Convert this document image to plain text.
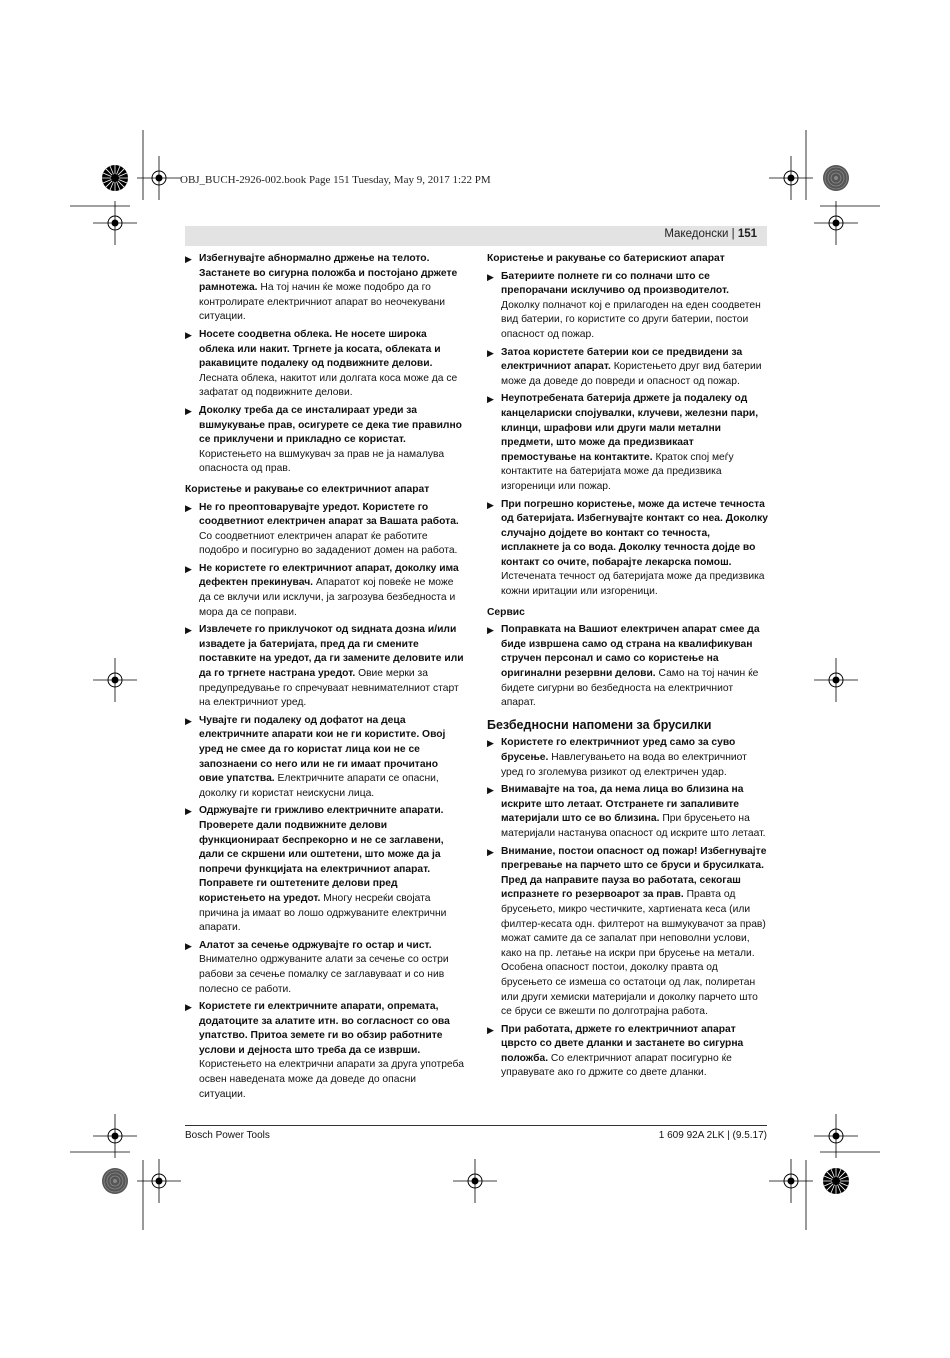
OBJ_BUCH-2926-002.book Page 151 Tuesday, May 9, 2017 1:22 PM
Македонски | 151
▶ Избегнувајте абнормално држење на телото. Застанете во сигурна положба и постојано држете рамнотежа. На тој начин ќе може подобро да го контролирате електричниот апарат во неочекувани ситуации.
▶ Носете соодветна облека. Не носете широка облека или накит. Тргнете ја косата, облеката и ракавиците подалеку од подвижните делови. Лесната облека, накитот или долгата коса може да се зафатат од подвижните делови.
▶ Доколку треба да се инсталираат уреди за вшмукување прав, осигурете се дека тие правилно се приклучени и прикладно се користат. Користењето на вшмукувач за прав не ја намалува опасноста од прав.
Користење и ракување со електричниот апарат
▶ Не го преоптоварувајте уредот. Користете го соодветниот електричен апарат за Вашата работа. Со соодветниот електричен апарат ќе работите подобро и посигурно во зададениот домен на работа.
▶ Не користете го електричниот апарат, доколку има дефектен прекинувач. Апаратот кој повеќе не може да се вклучи или исклучи, ја загрозува безбедноста и мора да се поправи.
▶ Извлечете го приклучокот од ѕидната дозна и/или извадете ја батеријата, пред да ги смените поставките на уредот, да ги замените деловите или да го тргнете настрана уредот. Овие мерки за предупредување го спречуваат невнимателниот старт на електричниот уред.
▶ Чувајте ги подалеку од дофатот на деца електричните апарати кои не ги користите. Овој уред не смее да го користат лица кои не се запознаени со него или не ги имаат прочитано овие упатства. Електричните апарати се опасни, доколку ги користат неискусни лица.
▶ Одржувајте ги грижливо електричните апарати. Проверете дали подвижните делови функционираат беспрекорно и не се заглавени, дали се скршени или оштетени, што може да ја попречи функцијата на електричниот апарат. Поправете ги оштетените делови пред користењето на уредот. Многу несреќи својата причина ја имаат во лошо одржуваните електрични апарати.
▶ Алатот за сечење одржувајте го остар и чист. Внимателно одржуваните алати за сечење со остри рабови за сечење помалку се заглавуваат и со нив полесно се работи.
▶ Користете ги електричните апарати, опремата, додатоците за алатите итн. во согласност со ова упатство. Притоа земете ги во обзир работните услови и дејноста што треба да се изврши. Користењето на електрични апарати за друга употреба освен наведената може да доведе до опасни ситуации.
Користење и ракување со батерискиот апарат
▶ Батериите полнете ги со полначи што се препорачани исклучиво од производителот. Доколку полначот кој е прилагоден на еден соодветен вид батерии, го користите со други батерии, постои опасност од пожар.
▶ Затоа користете батерии кои се предвидени за електричниот апарат. Користењето друг вид батерии може да доведе до повреди и опасност од пожар.
▶ Неупотребената батерија држете ја подалеку од канцелариски спојувалки, клучеви, железни пари, клинци, шрафови или други мали метални предмети, што може да предизвикаат премостување на контактите. Краток спој меѓу контактите на батеријата може да предизвика изгореници или пожар.
▶ При погрешно користење, може да истече течноста од батеријата. Избегнувајте контакт со неа. Доколку случајно дојдете во контакт со течноста, исплакнете ја со вода. Доколку течноста дојде во контакт со очите, побарајте лекарска помош. Истечената течност од батеријата може да предизвика кожни иритации или изгореници.
Сервис
▶ Поправката на Вашиот електричен апарат смее да биде извршена само од страна на квалификуван стручен персонал и само со користење на оригинални резервни делови. Само на тој начин ќе бидете сигурни во безбедноста на електричниот апарат.
Безбедносни напомени за брусилки
▶ Користете го електричниот уред само за суво брусење. Навлегувањето на вода во електричниот уред го зголемува ризикот од електричен удар.
▶ Внимавајте на тоа, да нема лица во близина на искрите што летаат. Отстранете ги запаливите материјали што се во близина. При брусењето на материјали настанува опасност од искрите што летаат.
▶ Внимание, постои опасност од пожар! Избегнувајте прегревање на парчето што се бруси и брусилката. Пред да направите пауза во работата, секогаш испразнете го резервоарот за прав. Правта од брусењето, микро честичките, хартиената кеса (или филтер-кесата одн. филтерот на вшмукувачот за прав) можат самите да се запалат при неповолни услови, како на пр. летање на искри при брусење на метали. Особена опасност постои, доколку правта од брусењето се измеша со остатоци од лак, полиретан или други хемиски материјали и доколку парчето што се бруси се вжешти по долготрајна работа.
▶ При работата, држете го електричниот апарат цврсто со двете дланки и застанете во сигурна положба. Со електричниот апарат посигурно ќе управувате ако го држите со двете дланки.
Bosch Power Tools	1 609 92A 2LK | (9.5.17)
